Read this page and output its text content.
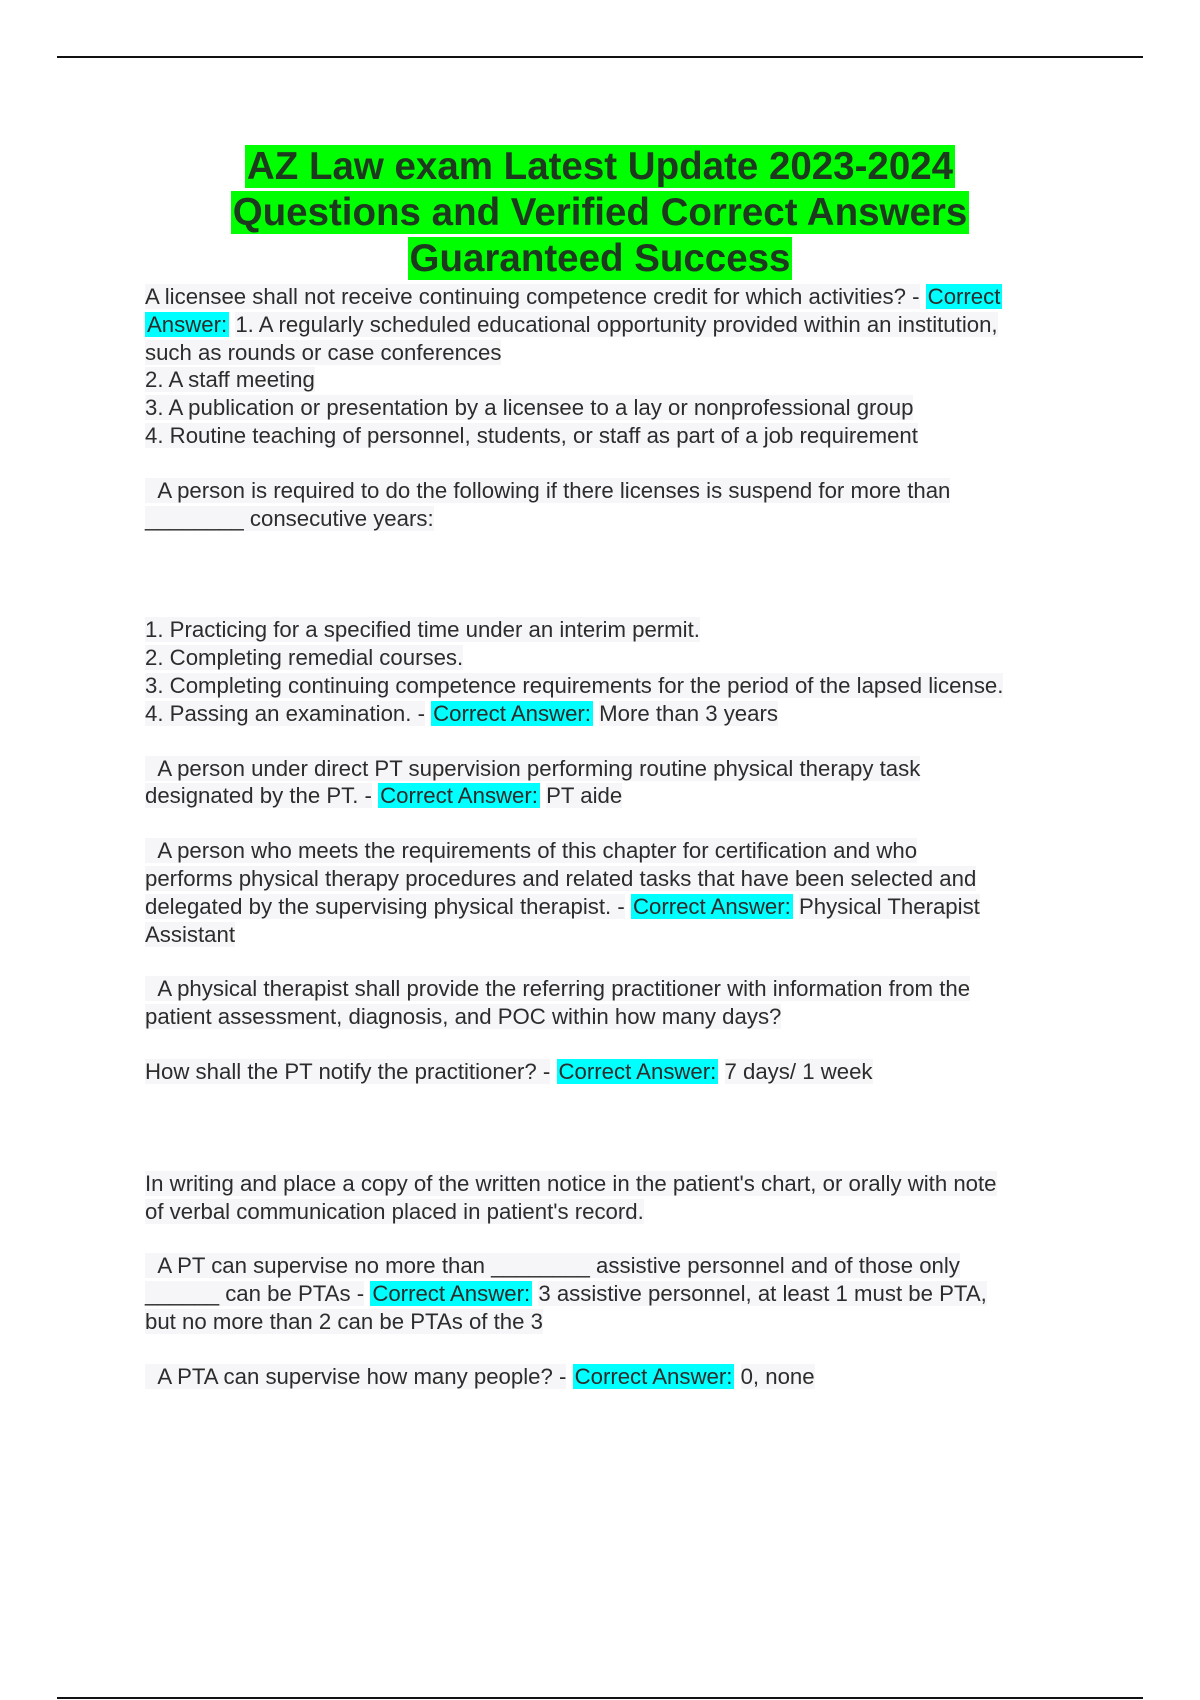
AZ Law exam Latest Update 2023-2024
Questions and Verified Correct Answers
Guaranteed Success
A licensee shall not receive continuing competence credit for which activities? - Correct
Answer: 1. A regularly scheduled educational opportunity provided within an institution,
such as rounds or case conferences
2. A staff meeting
3. A publication or presentation by a licensee to a lay or nonprofessional group
4. Routine teaching of personnel, students, or staff as part of a job requirement
A person is required to do the following if there licenses is suspend for more than
________ consecutive years:
1. Practicing for a specified time under an interim permit.
2. Completing remedial courses.
3. Completing continuing competence requirements for the period of the lapsed license.
4. Passing an examination. - Correct Answer: More than 3 years
A person under direct PT supervision performing routine physical therapy task
designated by the PT. - Correct Answer: PT aide
A person who meets the requirements of this chapter for certification and who
performs physical therapy procedures and related tasks that have been selected and
delegated by the supervising physical therapist. - Correct Answer: Physical Therapist
Assistant
A physical therapist shall provide the referring practitioner with information from the
patient assessment, diagnosis, and POC within how many days?
How shall the PT notify the practitioner? - Correct Answer: 7 days/ 1 week
In writing and place a copy of the written notice in the patient's chart, or orally with note
of verbal communication placed in patient's record.
A PT can supervise no more than ________ assistive personnel and of those only
______ can be PTAs - Correct Answer: 3 assistive personnel, at least 1 must be PTA,
but no more than 2 can be PTAs of the 3
A PTA can supervise how many people? - Correct Answer: 0, none
